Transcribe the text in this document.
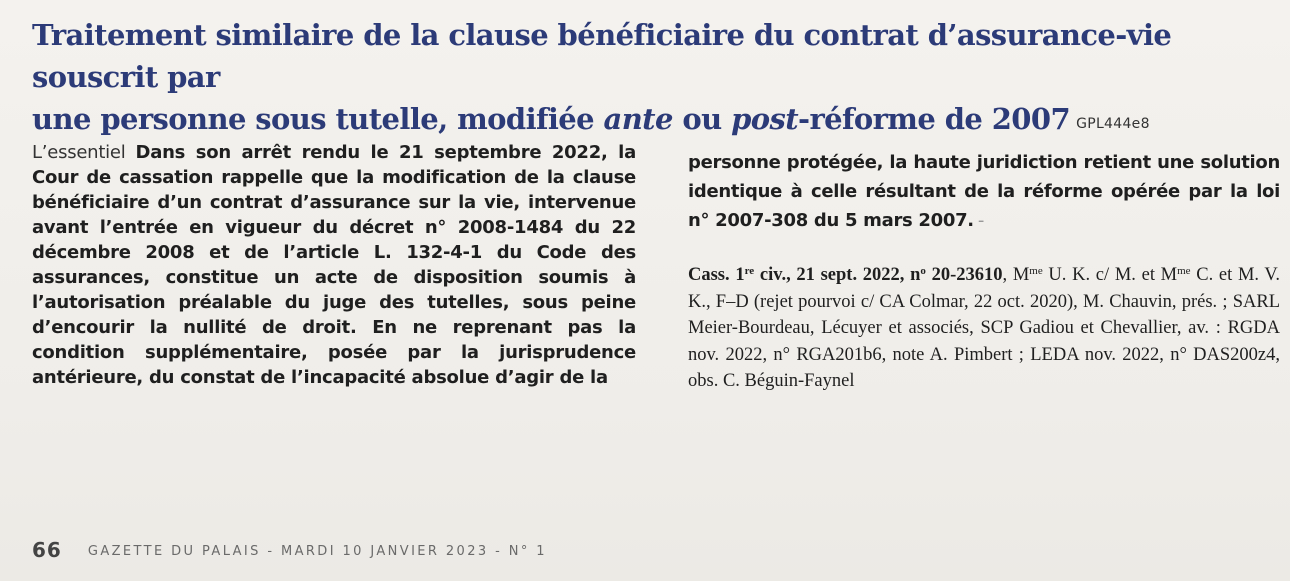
Traitement similaire de la clause bénéficiaire du contrat d’assurance-vie souscrit par
une personne sous tutelle, modifiée ante ou post-réforme de 2007 GPL444e8
L’essentiel Dans son arrêt rendu le 21 septembre 2022, la Cour de cassation rappelle que la modification de la clause bénéficiaire d’un contrat d’assurance sur la vie, intervenue avant l’entrée en vigueur du décret n° 2008-1484 du 22 décembre 2008 et de l’article L. 132-4-1 du Code des assurances, constitue un acte de disposition soumis à l’autorisation préalable du juge des tutelles, sous peine d’encourir la nullité de droit. En ne reprenant pas la condition supplémentaire, posée par la jurisprudence antérieure, du constat de l’incapacité absolue d’agir de la
personne protégée, la haute juridiction retient une solution identique à celle résultant de la réforme opérée par la loi n° 2007-308 du 5 mars 2007. -
Cass. 1re civ., 21 sept. 2022, $n^o$ 20-23610, $M^{me}$ U. K. c/ M. et $M^{me}$ C. et M. V. K., F–D (rejet pourvoi c/ CA Colmar, 22 oct. 2020), M. Chauvin, prés. ; SARL Meier-Bourdeau, Lécuyer et associés, SCP Gadiou et Chevallier, av. : RGDA nov. 2022, n° RGA201b6, note A. Pimbert ; LEDA nov. 2022, n° DAS200z4, obs. C. Béguin-Faynel
66 GAZETTE DU PALAIS - MARDI 10 JANVIER 2023 - N° 1
